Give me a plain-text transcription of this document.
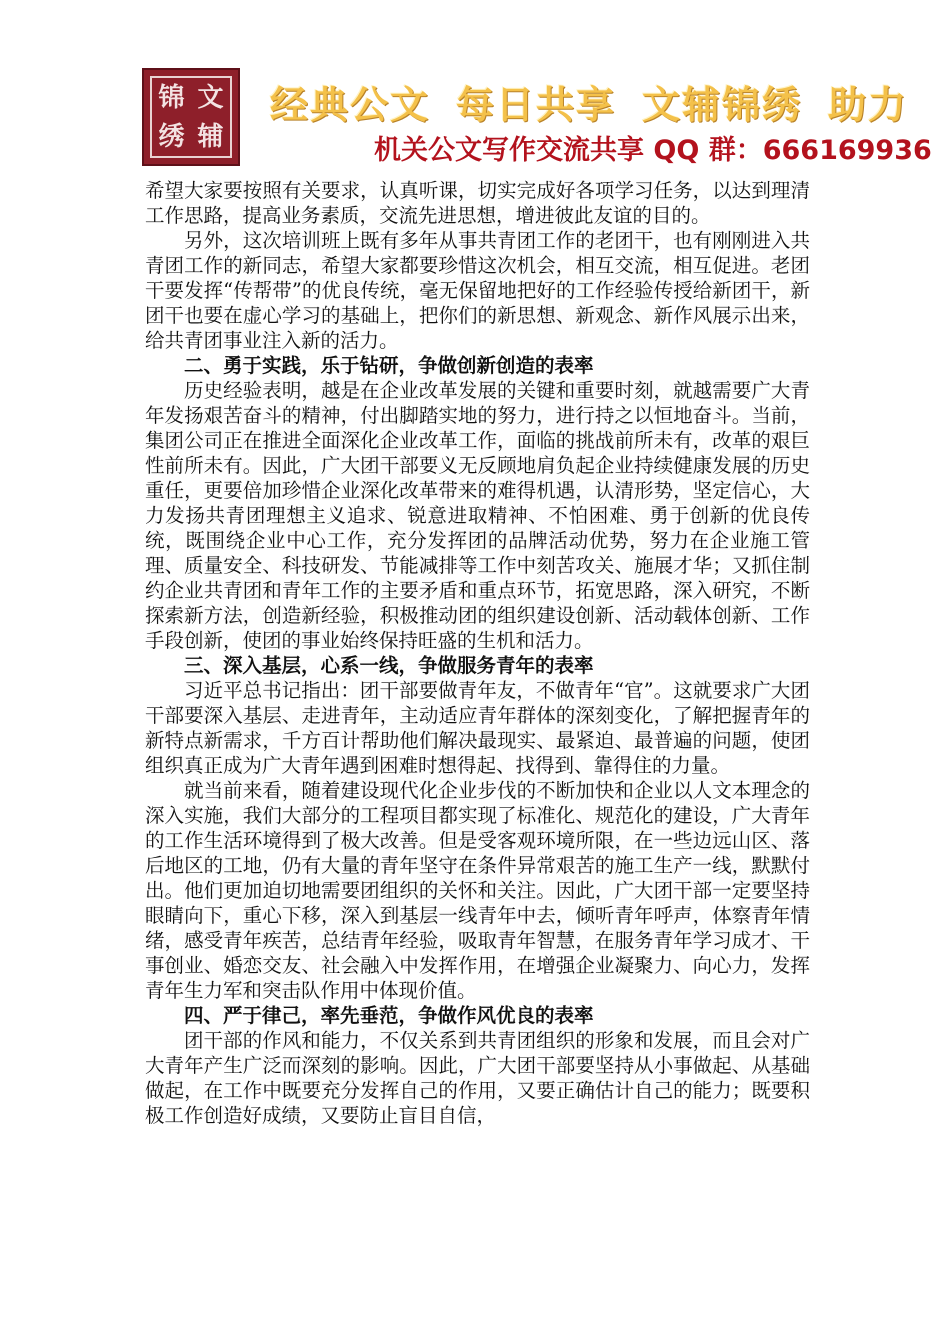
锦 文
绣 辅
经典公文 每日共享 文辅锦绣 助力
机关公文写作交流共享 QQ 群：666169936

希望大家要按照有关要求，认真听课，切实完成好各项学习任务，以达到理清工作思路，提高业务素质，交流先进思想，增进彼此友谊的目的。

另外，这次培训班上既有多年从事共青团工作的老团干，也有刚刚进入共青团工作的新同志，希望大家都要珍惜这次机会，相互交流，相互促进。老团干要发挥“传帮带”的优良传统，毫无保留地把好的工作经验传授给新团干，新团干也要在虚心学习的基础上，把你们的新思想、新观念、新作风展示出来，给共青团事业注入新的活力。

二、勇于实践，乐于钻研，争做创新创造的表率

历史经验表明，越是在企业改革发展的关键和重要时刻，就越需要广大青年发扬艰苦奋斗的精神，付出脚踏实地的努力，进行持之以恒地奋斗。当前，集团公司正在推进全面深化企业改革工作，面临的挑战前所未有，改革的艰巨性前所未有。因此，广大团干部要义无反顾地肩负起企业持续健康发展的历史重任，更要倍加珍惜企业深化改革带来的难得机遇，认清形势，坚定信心，大力发扬共青团理想主义追求、锐意进取精神、不怕困难、勇于创新的优良传统，既围绕企业中心工作，充分发挥团的品牌活动优势，努力在企业施工管理、质量安全、科技研发、节能减排等工作中刻苦攻关、施展才华；又抓住制约企业共青团和青年工作的主要矛盾和重点环节，拓宽思路，深入研究，不断探索新方法，创造新经验，积极推动团的组织建设创新、活动载体创新、工作手段创新，使团的事业始终保持旺盛的生机和活力。

三、深入基层，心系一线，争做服务青年的表率

习近平总书记指出：团干部要做青年友，不做青年“官”。这就要求广大团干部要深入基层、走进青年，主动适应青年群体的深刻变化，了解把握青年的新特点新需求，千方百计帮助他们解决最现实、最紧迫、最普遍的问题，使团组织真正成为广大青年遇到困难时想得起、找得到、靠得住的力量。

就当前来看，随着建设现代化企业步伐的不断加快和企业以人文本理念的深入实施，我们大部分的工程项目都实现了标准化、规范化的建设，广大青年的工作生活环境得到了极大改善。但是受客观环境所限，在一些边远山区、落后地区的工地，仍有大量的青年坚守在条件异常艰苦的施工生产一线，默默付出。他们更加迫切地需要团组织的关怀和关注。因此，广大团干部一定要坚持眼睛向下，重心下移，深入到基层一线青年中去，倾听青年呼声，体察青年情绪，感受青年疾苦，总结青年经验，吸取青年智慧，在服务青年学习成才、干事创业、婚恋交友、社会融入中发挥作用，在增强企业凝聚力、向心力，发挥青年生力军和突击队作用中体现价值。

四、严于律己，率先垂范，争做作风优良的表率

团干部的作风和能力，不仅关系到共青团组织的形象和发展，而且会对广大青年产生广泛而深刻的影响。因此，广大团干部要坚持从小事做起、从基础做起，在工作中既要充分发挥自己的作用，又要正确估计自己的能力；既要积极工作创造好成绩，又要防止盲目自信，
